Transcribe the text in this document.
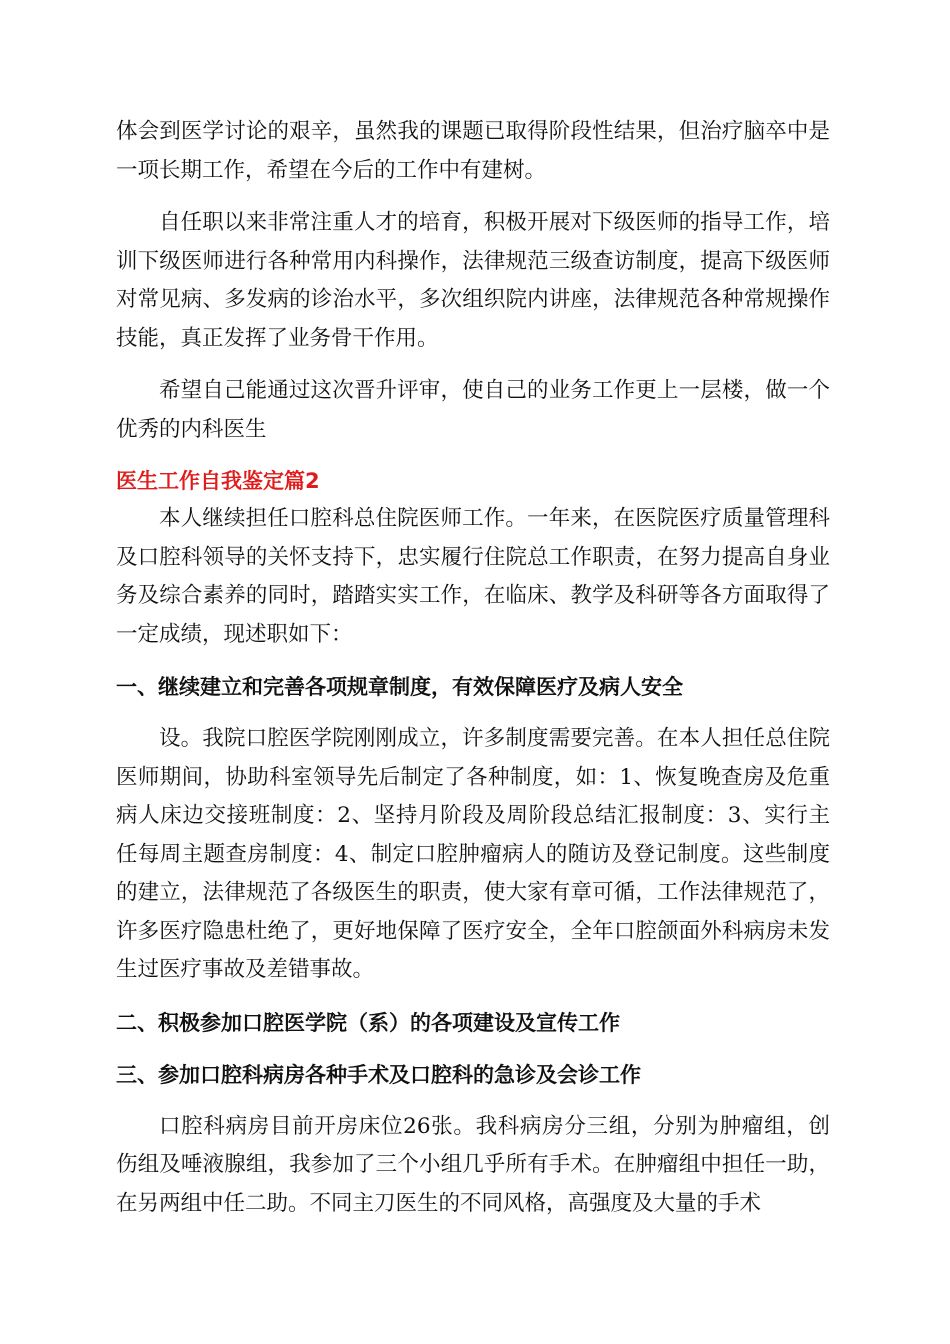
体会到医学讨论的艰辛，虽然我的课题已取得阶段性结果，但治疗脑卒中是一项长期工作，希望在今后的工作中有建树。

自任职以来非常注重人才的培育，积极开展对下级医师的指导工作，培训下级医师进行各种常用内科操作，法律规范三级查访制度，提高下级医师对常见病、多发病的诊治水平，多次组织院内讲座，法律规范各种常规操作技能，真正发挥了业务骨干作用。

希望自己能通过这次晋升评审，使自己的业务工作更上一层楼，做一个优秀的内科医生

医生工作自我鉴定篇2

本人继续担任口腔科总住院医师工作。一年来，在医院医疗质量管理科及口腔科领导的关怀支持下，忠实履行住院总工作职责，在努力提高自身业务及综合素养的同时，踏踏实实工作，在临床、教学及科研等各方面取得了一定成绩，现述职如下：

一、继续建立和完善各项规章制度，有效保障医疗及病人安全

设。我院口腔医学院刚刚成立，许多制度需要完善。在本人担任总住院医师期间，协助科室领导先后制定了各种制度，如：1、恢复晚查房及危重病人床边交接班制度：2、坚持月阶段及周阶段总结汇报制度：3、实行主任每周主题查房制度：4、制定口腔肿瘤病人的随访及登记制度。这些制度的建立，法律规范了各级医生的职责，使大家有章可循，工作法律规范了，许多医疗隐患杜绝了，更好地保障了医疗安全，全年口腔颌面外科病房未发生过医疗事故及差错事故。

二、积极参加口腔医学院（系）的各项建设及宣传工作
三、参加口腔科病房各种手术及口腔科的急诊及会诊工作

口腔科病房目前开房床位26张。我科病房分三组，分别为肿瘤组，创伤组及唾液腺组，我参加了三个小组几乎所有手术。在肿瘤组中担任一助，在另两组中任二助。不同主刀医生的不同风格，高强度及大量的手术
